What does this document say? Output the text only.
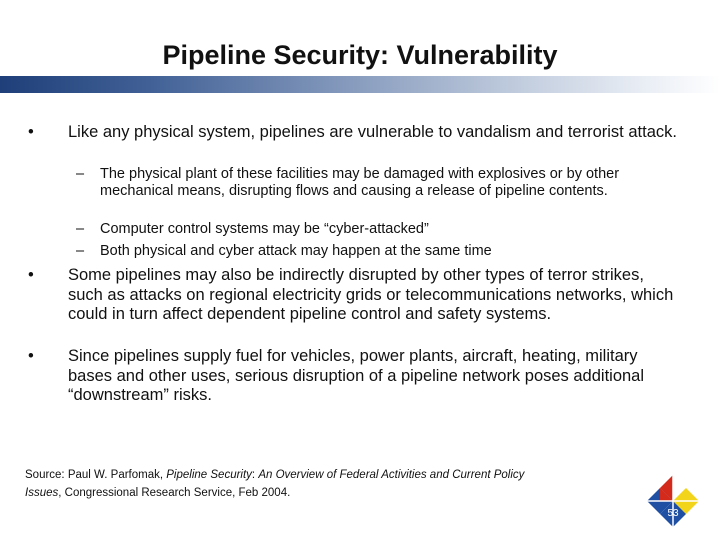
Pipeline Security: Vulnerability
• Like any physical system, pipelines are vulnerable to vandalism and terrorist attack.
– The physical plant of these facilities may be damaged with explosives or by other mechanical means, disrupting flows and causing a release of pipeline contents.
– Computer control systems may be “cyber-attacked”
– Both physical and cyber attack may happen at the same time
• Some pipelines may also be indirectly disrupted by other types of terror strikes, such as attacks on regional electricity grids or telecommunications networks, which could in turn affect dependent pipeline control and safety systems.
• Since pipelines supply fuel for vehicles, power plants, aircraft, heating, military bases and other uses, serious disruption of a pipeline network poses additional “downstream” risks.
Source: Paul W. Parfomak, Pipeline Security: An Overview of Federal Activities and Current Policy Issues, Congressional Research Service, Feb 2004.
53
